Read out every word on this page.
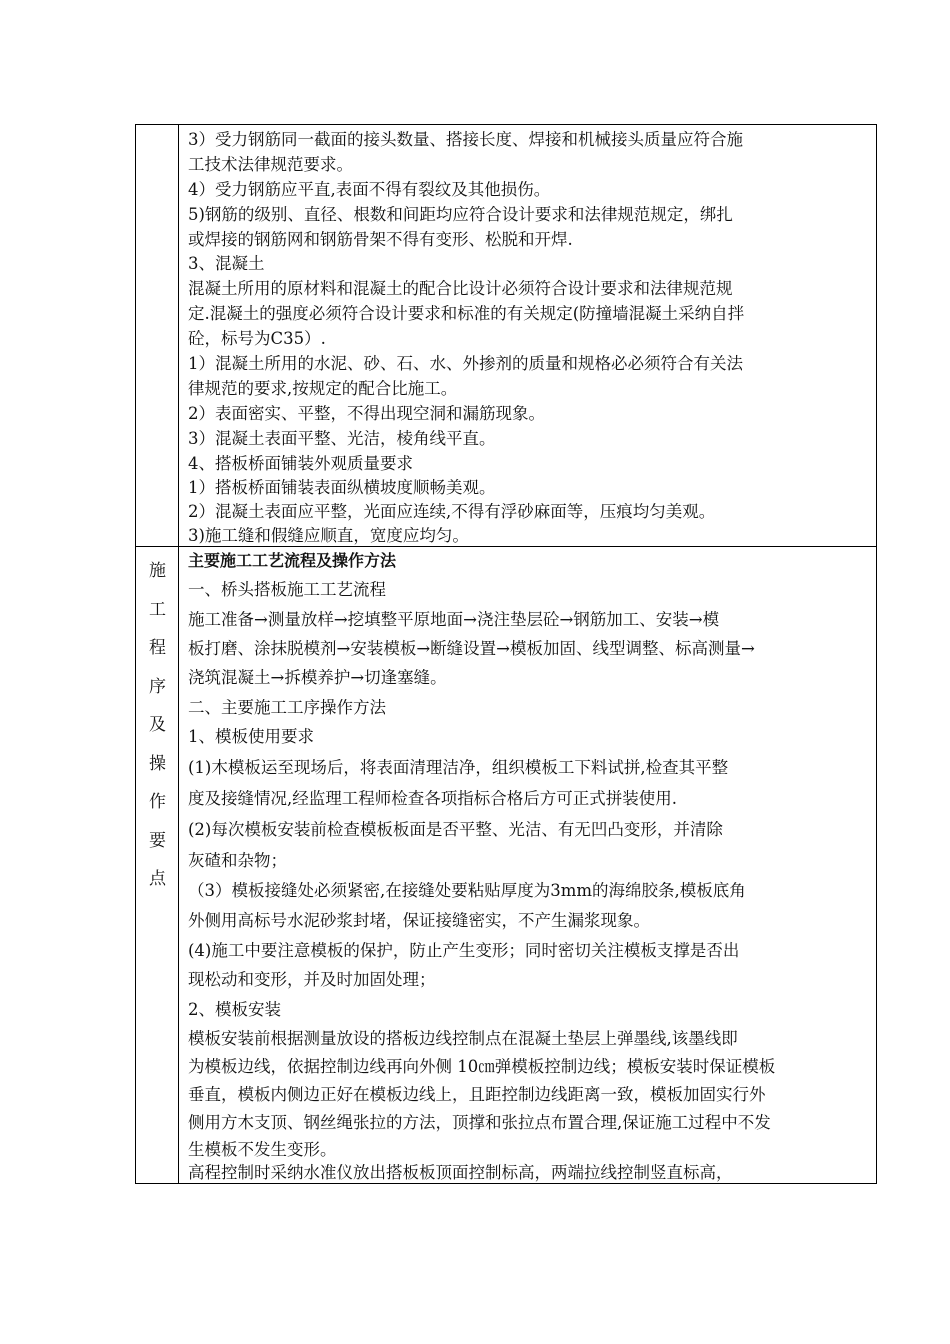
3）受力钢筋同一截面的接头数量、搭接长度、焊接和机械接头质量应符合施
工技术法律规范要求。
4）受力钢筋应平直,表面不得有裂纹及其他损伤。
5)钢筋的级别、直径、根数和间距均应符合设计要求和法律规范规定，绑扎
或焊接的钢筋网和钢筋骨架不得有变形、松脱和开焊.
3、混凝土
混凝土所用的原材料和混凝土的配合比设计必须符合设计要求和法律规范规
定.混凝土的强度必须符合设计要求和标准的有关规定(防撞墙混凝土采纳自拌
砼，标号为C35）.
1）混凝土所用的水泥、砂、石、水、外掺剂的质量和规格必必须符合有关法
律规范的要求,按规定的配合比施工。
2）表面密实、平整，不得出现空洞和漏筋现象。
3）混凝土表面平整、光洁，棱角线平直。
4、搭板桥面铺装外观质量要求
1）搭板桥面铺装表面纵横坡度顺畅美观。
2）混凝土表面应平整，光面应连续,不得有浮砂麻面等，压痕均匀美观。
3)施工缝和假缝应顺直，宽度应均匀。
施
工
程
序
及
操
作
要
点
主要施工工艺流程及操作方法
一、桥头搭板施工工艺流程
施工准备→测量放样→挖填整平原地面→浇注垫层砼→钢筋加工、安装→模
板打磨、涂抹脱模剂→安装模板→断缝设置→模板加固、线型调整、标高测量→
浇筑混凝土→拆模养护→切逢塞缝。
二、主要施工工序操作方法
1、模板使用要求
(1)木模板运至现场后，将表面清理洁净，组织模板工下料试拼,检查其平整
度及接缝情况,经监理工程师检查各项指标合格后方可正式拼装使用.
(2)每次模板安装前检查模板板面是否平整、光洁、有无凹凸变形，并清除
灰碴和杂物；
（3）模板接缝处必须紧密,在接缝处要粘贴厚度为3mm的海绵胶条,模板底角
外侧用高标号水泥砂浆封堵，保证接缝密实，不产生漏浆现象。
(4)施工中要注意模板的保护，防止产生变形；同时密切关注模板支撑是否出
现松动和变形，并及时加固处理；
2、模板安装
模板安装前根据测量放设的搭板边线控制点在混凝土垫层上弹墨线,该墨线即
为模板边线，依据控制边线再向外侧 10㎝弹模板控制边线；模板安装时保证模板
垂直，模板内侧边正好在模板边线上，且距控制边线距离一致，模板加固实行外
侧用方木支顶、钢丝绳张拉的方法，顶撑和张拉点布置合理,保证施工过程中不发
生模板不发生变形。
高程控制时采纳水准仪放出搭板板顶面控制标高，两端拉线控制竖直标高，
